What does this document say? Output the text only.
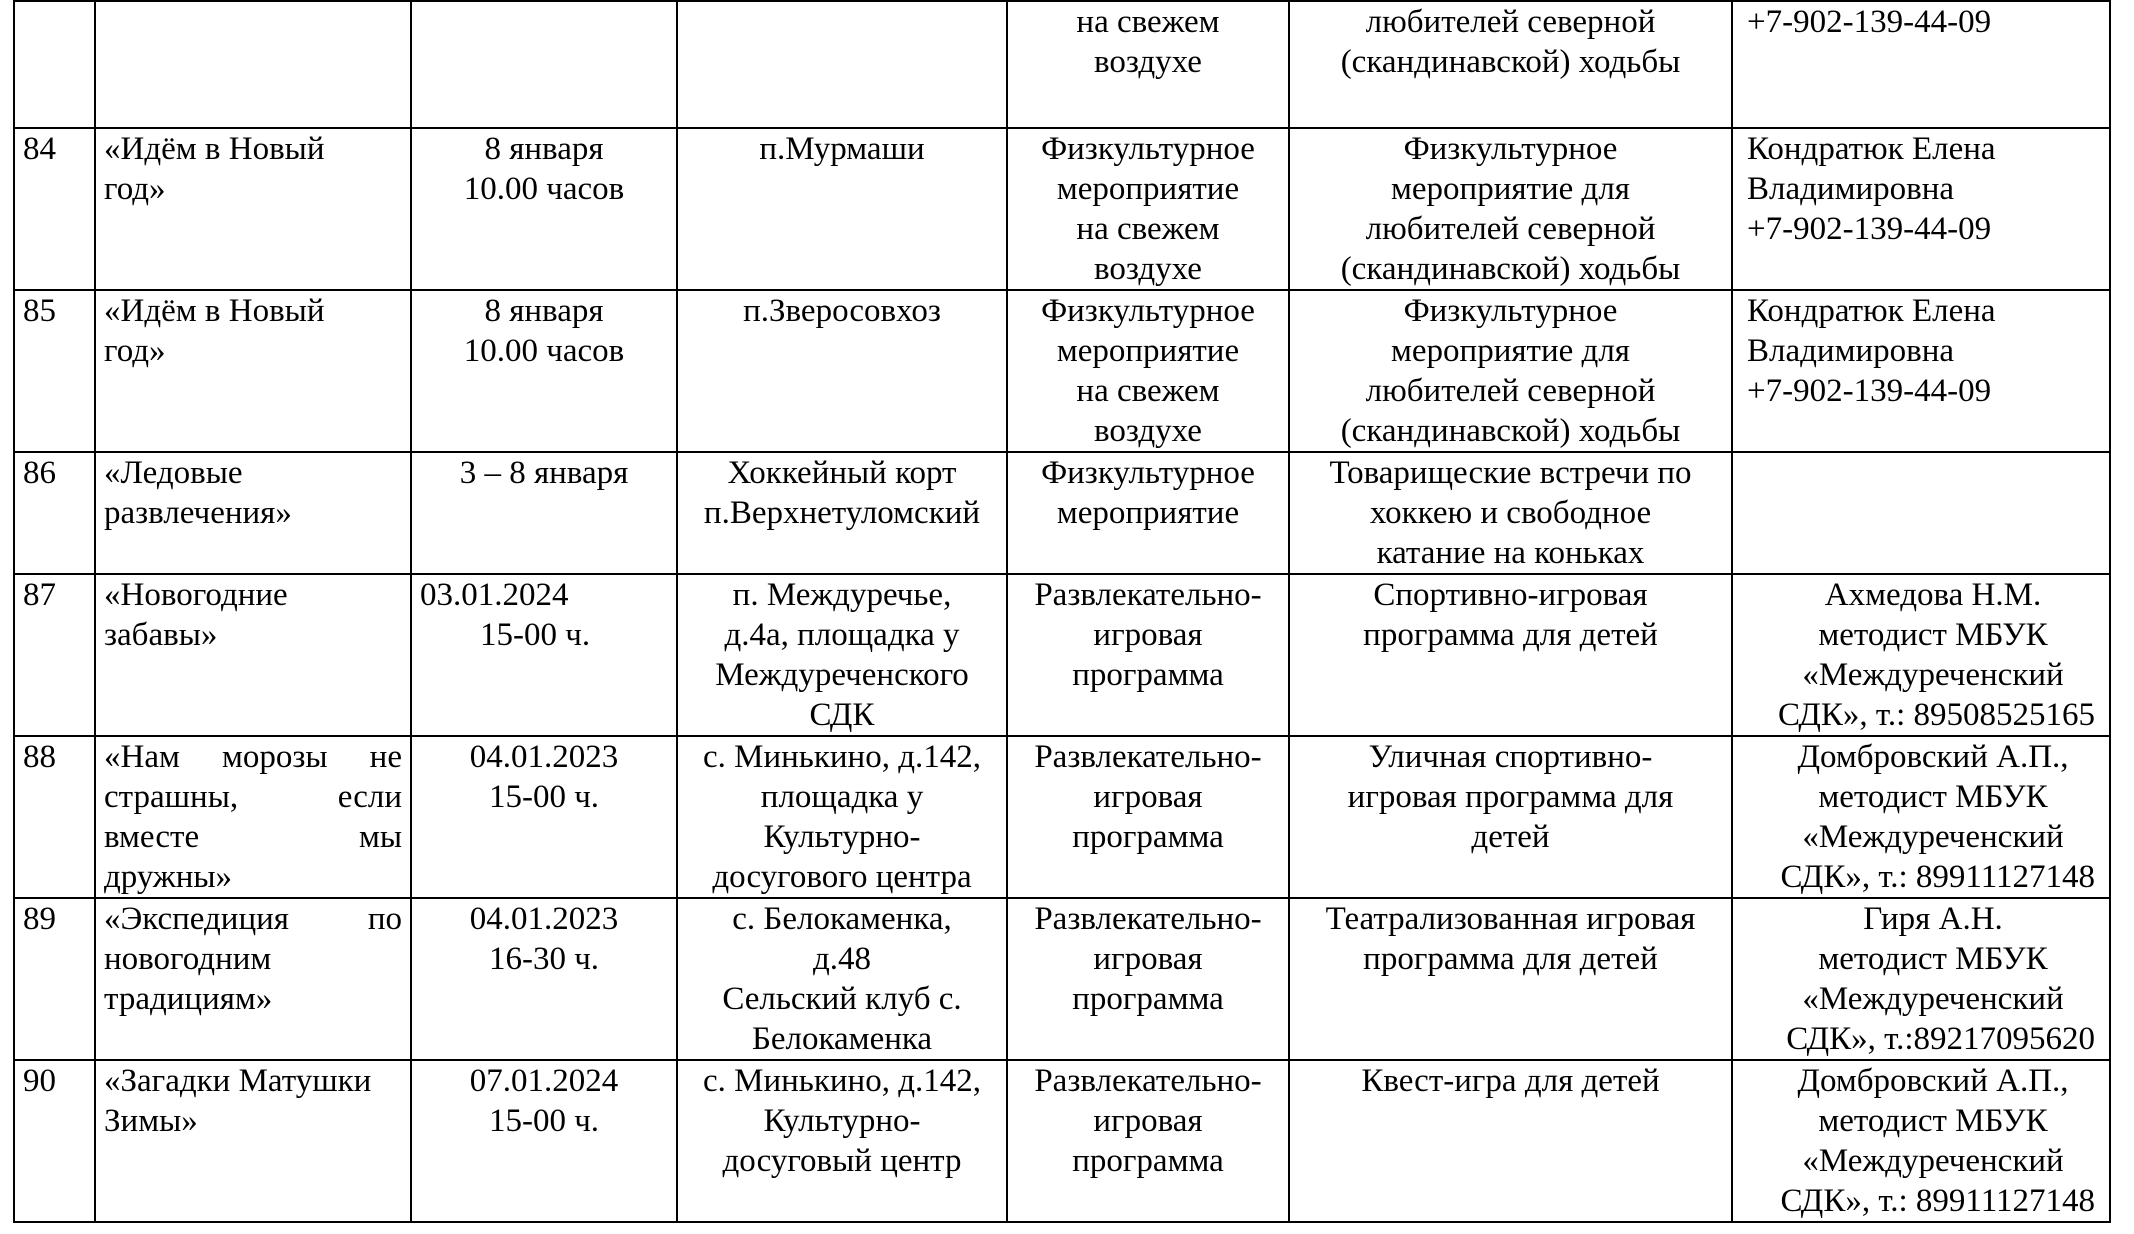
				на свежем
воздухе	любителей северной
(скандинавской) ходьбы	+7-902-139-44-09

84	«Идём в Новый
год»	8 января
10.00 часов	п.Мурмаши	Физкультурное
мероприятие
на свежем
воздухе	Физкультурное
мероприятие для
любителей северной
(скандинавской) ходьбы	Кондратюк Елена
Владимировна
+7-902-139-44-09

85	«Идём в Новый
год»	8 января
10.00 часов	п.Зверосовхоз	Физкультурное
мероприятие
на свежем
воздухе	Физкультурное
мероприятие для
любителей северной
(скандинавской) ходьбы	Кондратюк Елена
Владимировна
+7-902-139-44-09

86	«Ледовые
развлечения»	3 – 8 января	Хоккейный корт
п.Верхнетуломский	Физкультурное
мероприятие	Товарищеские встречи по
хоккею и свободное
катание на коньках	

87	«Новогодние
забавы»	03.01.2024
15-00 ч.	п. Междуречье,
д.4а, площадка у
Междуреченского
СДК	Развлекательно-
игровая
программа	Спортивно-игровая
программа для детей	Ахмедова Н.М.
методист МБУК
«Междуреченский
СДК», т.: 89508525165

88	«Нам морозы не
страшны, если
вместе мы
дружны»	04.01.2023
15-00 ч.	с. Минькино, д.142,
площадка у
Культурно-
досугового центра	Развлекательно-
игровая
программа	Уличная спортивно-
игровая программа для
детей	Домбровский А.П.,
методист МБУК
«Междуреченский
СДК», т.: 89911127148

89	«Экспедиция по
новогодним
традициям»	04.01.2023
16-30 ч.	с. Белокаменка,
д.48
Сельский клуб с.
Белокаменка	Развлекательно-
игровая
программа	Театрализованная игровая
программа для детей	Гиря А.Н.
методист МБУК
«Междуреченский
СДК», т.:89217095620

90	«Загадки Матушки
Зимы»	07.01.2024
15-00 ч.	с. Минькино, д.142,
Культурно-
досуговый центр	Развлекательно-
игровая
программа	Квест-игра для детей	Домбровский А.П.,
методист МБУК
«Междуреченский
СДК», т.: 89911127148
